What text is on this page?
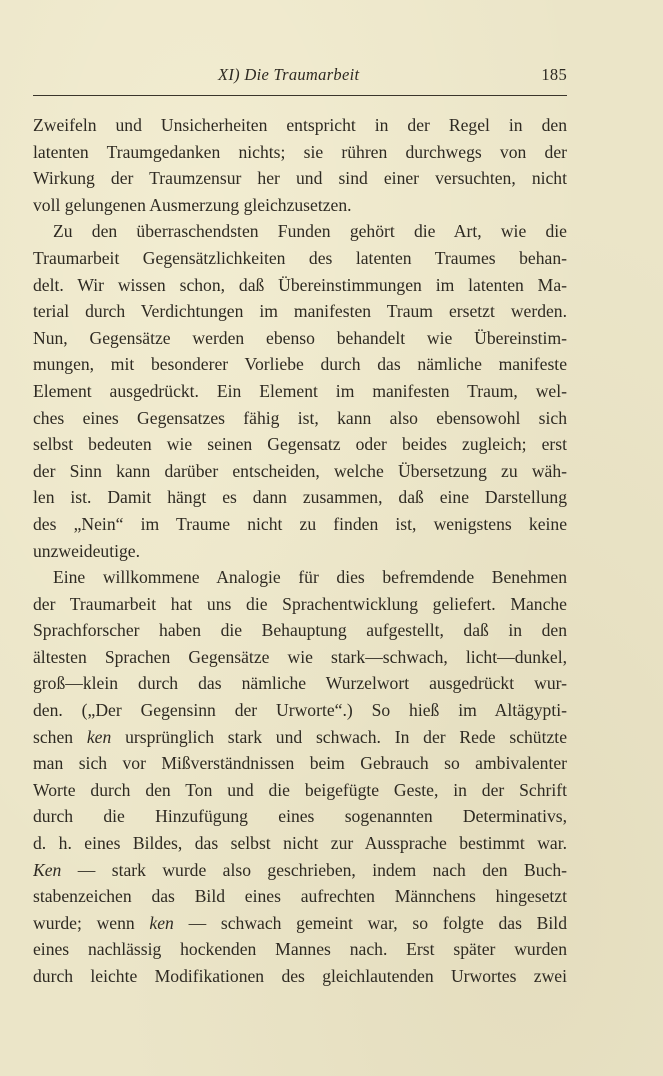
XI) Die Traumarbeit	185
Zweifeln und Unsicherheiten entspricht in der Regel in den
latenten Traumgedanken nichts; sie rühren durchwegs von der
Wirkung der Traumzensur her und sind einer versuchten, nicht
voll gelungenen Ausmerzung gleichzusetzen.
Zu den überraschendsten Funden gehört die Art, wie die
Traumarbeit Gegensätzlichkeiten des latenten Traumes behan-
delt. Wir wissen schon, daß Übereinstimmungen im latenten Ma-
terial durch Verdichtungen im manifesten Traum ersetzt werden.
Nun, Gegensätze werden ebenso behandelt wie Übereinstim-
mungen, mit besonderer Vorliebe durch das nämliche manifeste
Element ausgedrückt. Ein Element im manifesten Traum, wel-
ches eines Gegensatzes fähig ist, kann also ebensowohl sich
selbst bedeuten wie seinen Gegensatz oder beides zugleich; erst
der Sinn kann darüber entscheiden, welche Übersetzung zu wäh-
len ist. Damit hängt es dann zusammen, daß eine Darstellung
des „Nein“ im Traume nicht zu finden ist, wenigstens keine
unzweideutige.
Eine willkommene Analogie für dies befremdende Benehmen
der Traumarbeit hat uns die Sprachentwicklung geliefert. Manche
Sprachforscher haben die Behauptung aufgestellt, daß in den
ältesten Sprachen Gegensätze wie stark—schwach, licht—dunkel,
groß—klein durch das nämliche Wurzelwort ausgedrückt wur-
den. („Der Gegensinn der Urworte“.) So hieß im Altägypti-
schen ken ursprünglich stark und schwach. In der Rede schützte
man sich vor Mißverständnissen beim Gebrauch so ambivalenter
Worte durch den Ton und die beigefügte Geste, in der Schrift
durch die Hinzufügung eines sogenannten Determinativs,
d. h. eines Bildes, das selbst nicht zur Aussprache bestimmt war.
Ken — stark wurde also geschrieben, indem nach den Buch-
stabenzeichen das Bild eines aufrechten Männchens hingesetzt
wurde; wenn ken — schwach gemeint war, so folgte das Bild
eines nachlässig hockenden Mannes nach. Erst später wurden
durch leichte Modifikationen des gleichlautenden Urwortes zwei
